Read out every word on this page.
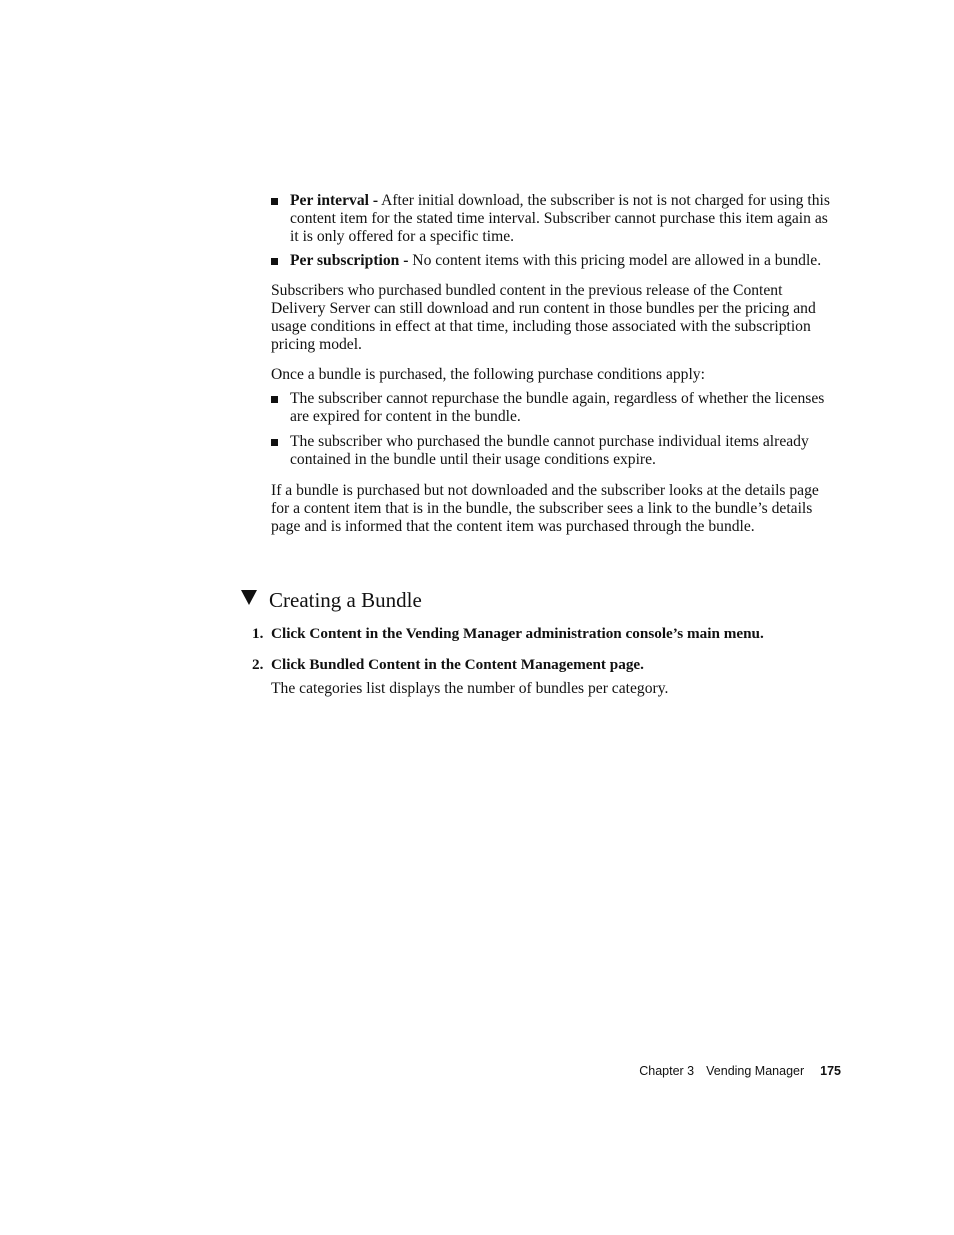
Per interval - After initial download, the subscriber is not is not charged for using this content item for the stated time interval. Subscriber cannot purchase this item again as it is only offered for a specific time.
Per subscription - No content items with this pricing model are allowed in a bundle.

Subscribers who purchased bundled content in the previous release of the Content Delivery Server can still download and run content in those bundles per the pricing and usage conditions in effect at that time, including those associated with the subscription pricing model.

Once a bundle is purchased, the following purchase conditions apply:

The subscriber cannot repurchase the bundle again, regardless of whether the licenses are expired for content in the bundle.
The subscriber who purchased the bundle cannot purchase individual items already contained in the bundle until their usage conditions expire.

If a bundle is purchased but not downloaded and the subscriber looks at the details page for a content item that is in the bundle, the subscriber sees a link to the bundle’s details page and is informed that the content item was purchased through the bundle.

Creating a Bundle
1. Click Content in the Vending Manager administration console’s main menu.
2. Click Bundled Content in the Content Management page.

The categories list displays the number of bundles per category.

Chapter 3 Vending Manager 175
